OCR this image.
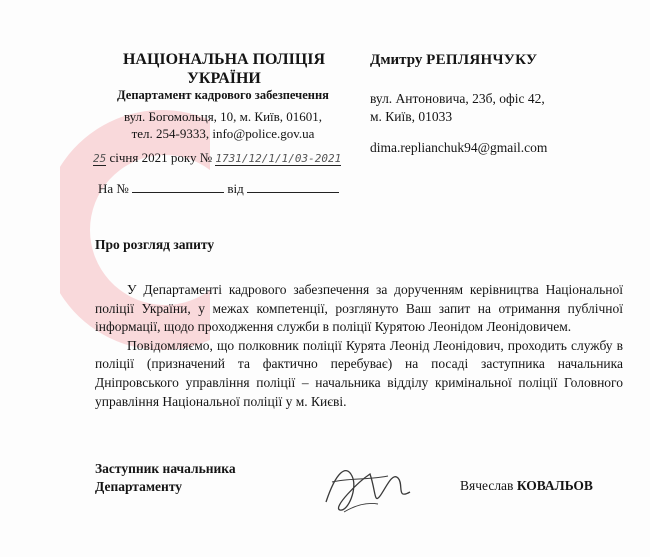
НАЦІОНАЛЬНА ПОЛІЦІЯ УКРАЇНИ
Департамент кадрового забезпечення
вул. Богомольця, 10, м. Київ, 01601,
тел. 254-9333, info@police.gov.ua
25 січня 2021 року № 1731/12/1/1/03-2021
На №	від
Дмитру РЕПЛЯНЧУКУ
вул. Антоновича, 23б, офіс 42,
м. Київ, 01033
dima.replianchuk94@gmail.com
Про розгляд запиту

У Департаменті кадрового забезпечення за дорученням керівництва Національної поліції України, у межах компетенції, розглянуто Ваш запит на отримання публічної інформації, щодо проходження служби в поліції Курятою Леонідом Леонідовичем.

Повідомляємо, що полковник поліції Курята Леонід Леонідович, проходить службу в поліції (призначений та фактично перебуває) на посаді заступника начальника Дніпровського управління поліції – начальника відділу кримінальної поліції Головного управління Національної поліції у м. Києві.

Заступник начальника
Департаменту	Вячеслав КОВАЛЬОВ
